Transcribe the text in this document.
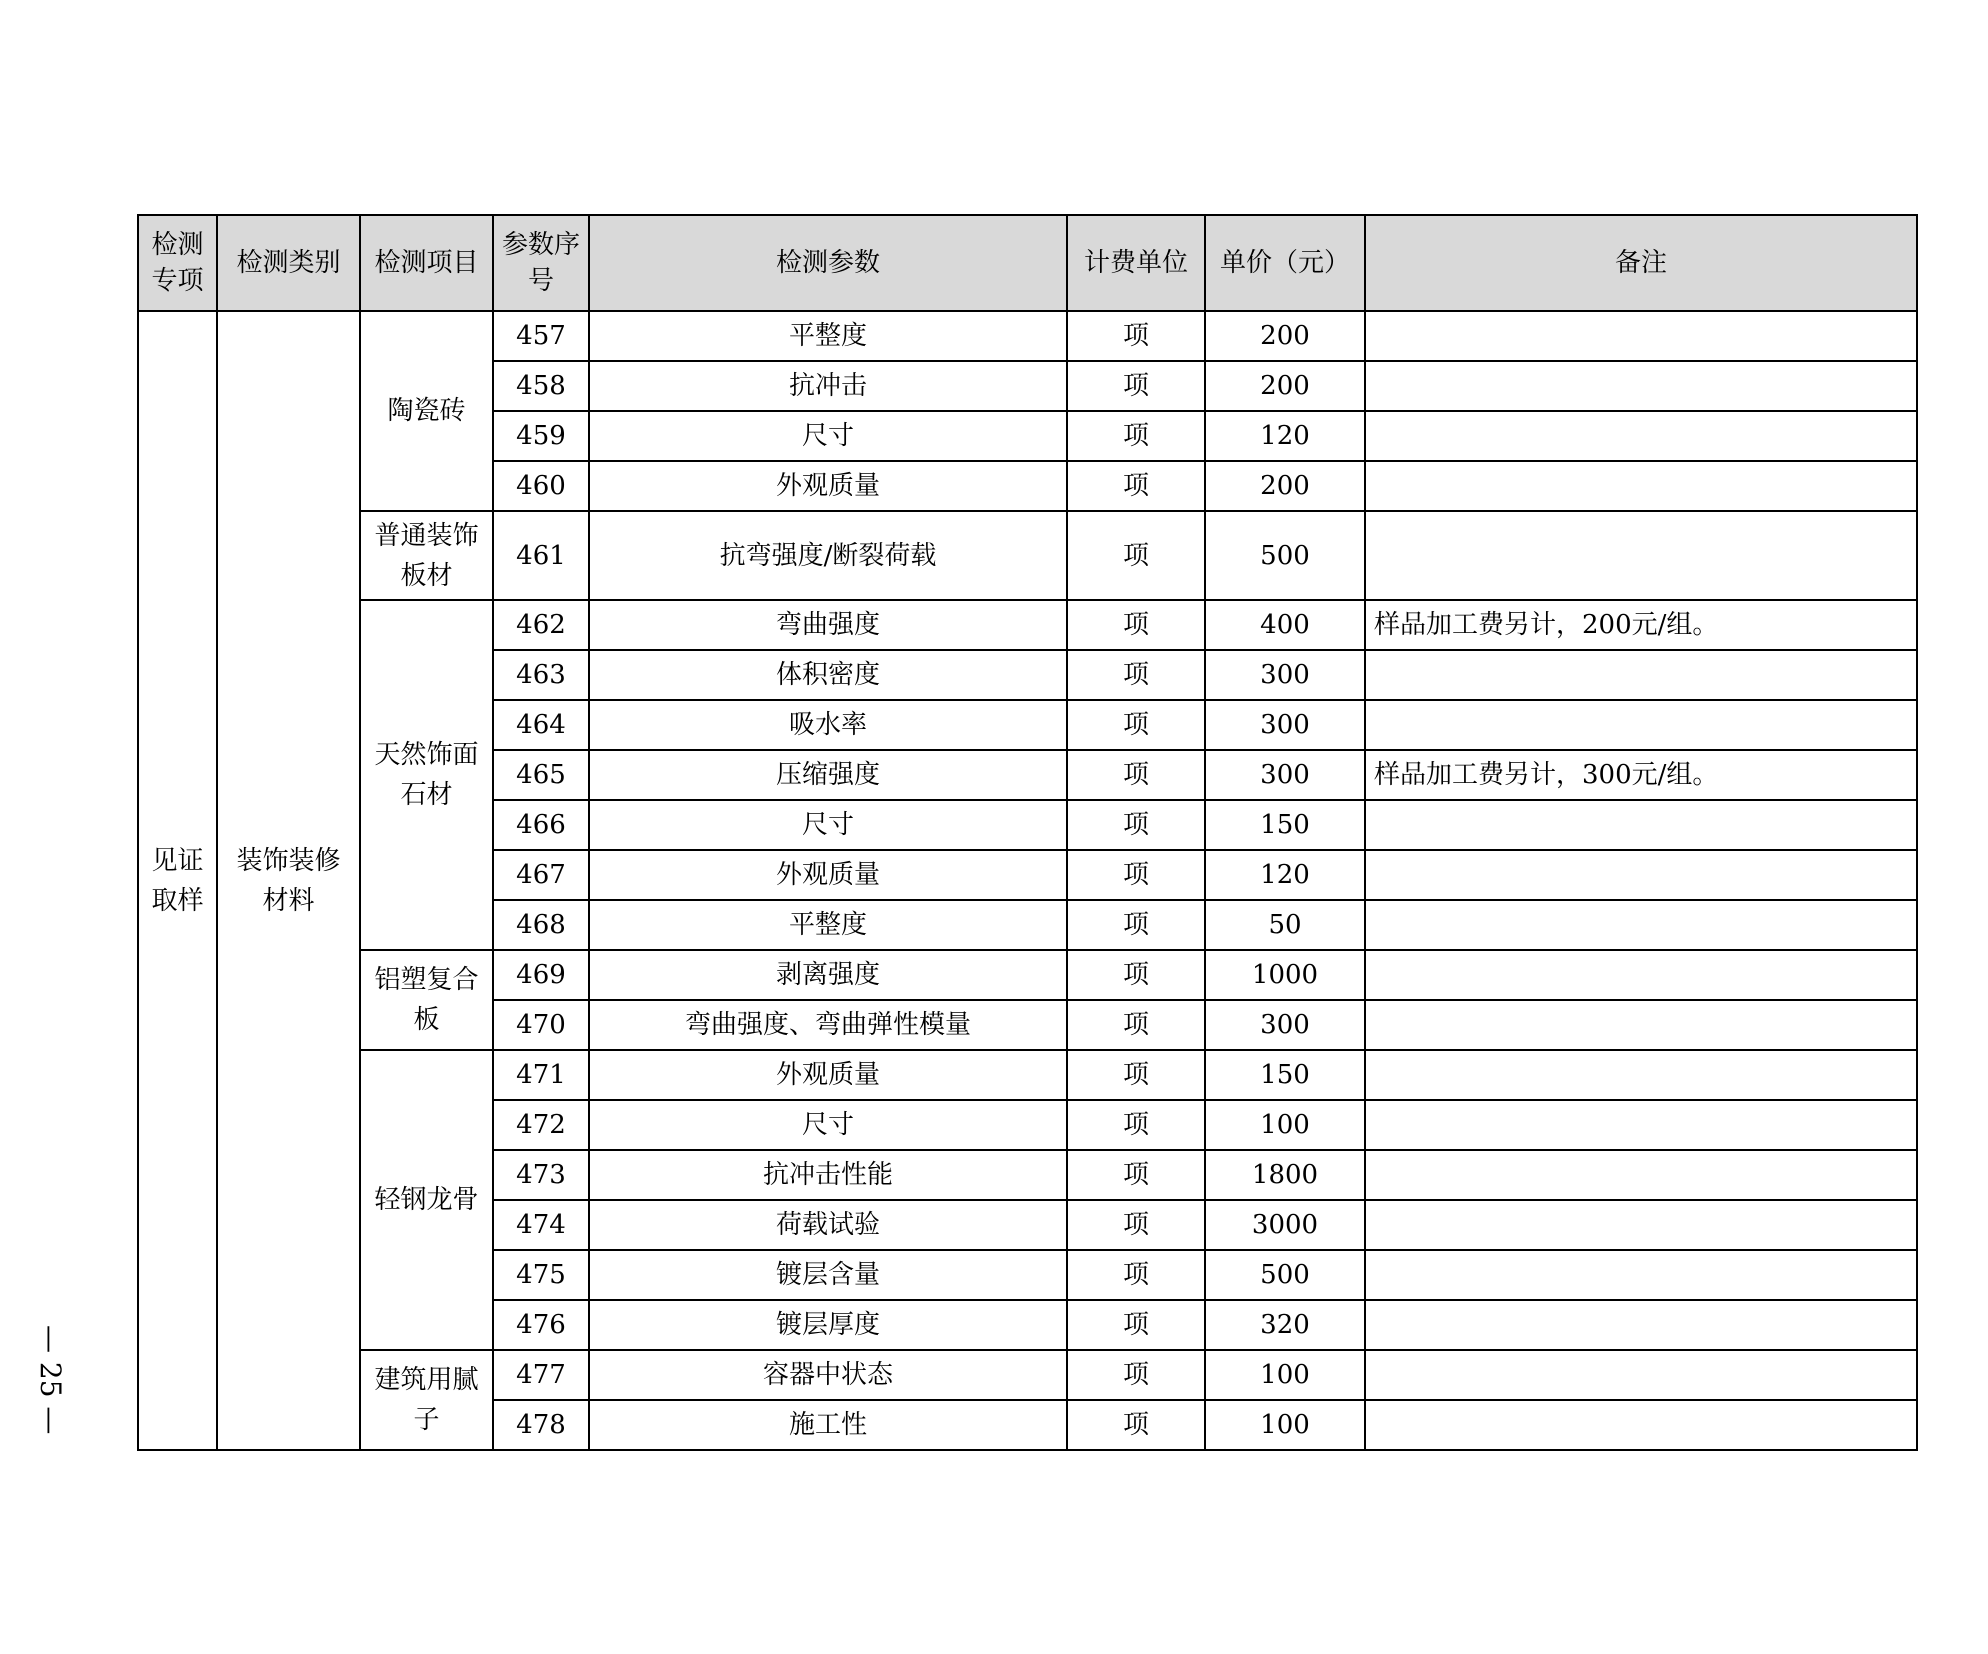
检测专项	检测类别	检测项目	参数序号	检测参数	计费单位	单价（元）	备注
见证取样	装饰装修材料	陶瓷砖	457	平整度	项	200	
			458	抗冲击	项	200	
			459	尺寸	项	120	
			460	外观质量	项	200	
		普通装饰板材	461	抗弯强度/断裂荷载	项	500	
		天然饰面石材	462	弯曲强度	项	400	样品加工费另计，200元/组。
			463	体积密度	项	300	
			464	吸水率	项	300	
			465	压缩强度	项	300	样品加工费另计，300元/组。
			466	尺寸	项	150	
			467	外观质量	项	120	
			468	平整度	项	50	
		铝塑复合板	469	剥离强度	项	1000	
			470	弯曲强度、弯曲弹性模量	项	300	
		轻钢龙骨	471	外观质量	项	150	
			472	尺寸	项	100	
			473	抗冲击性能	项	1800	
			474	荷载试验	项	3000	
			475	镀层含量	项	500	
			476	镀层厚度	项	320	
		建筑用腻子	477	容器中状态	项	100	
			478	施工性	项	100	
— 25 —
